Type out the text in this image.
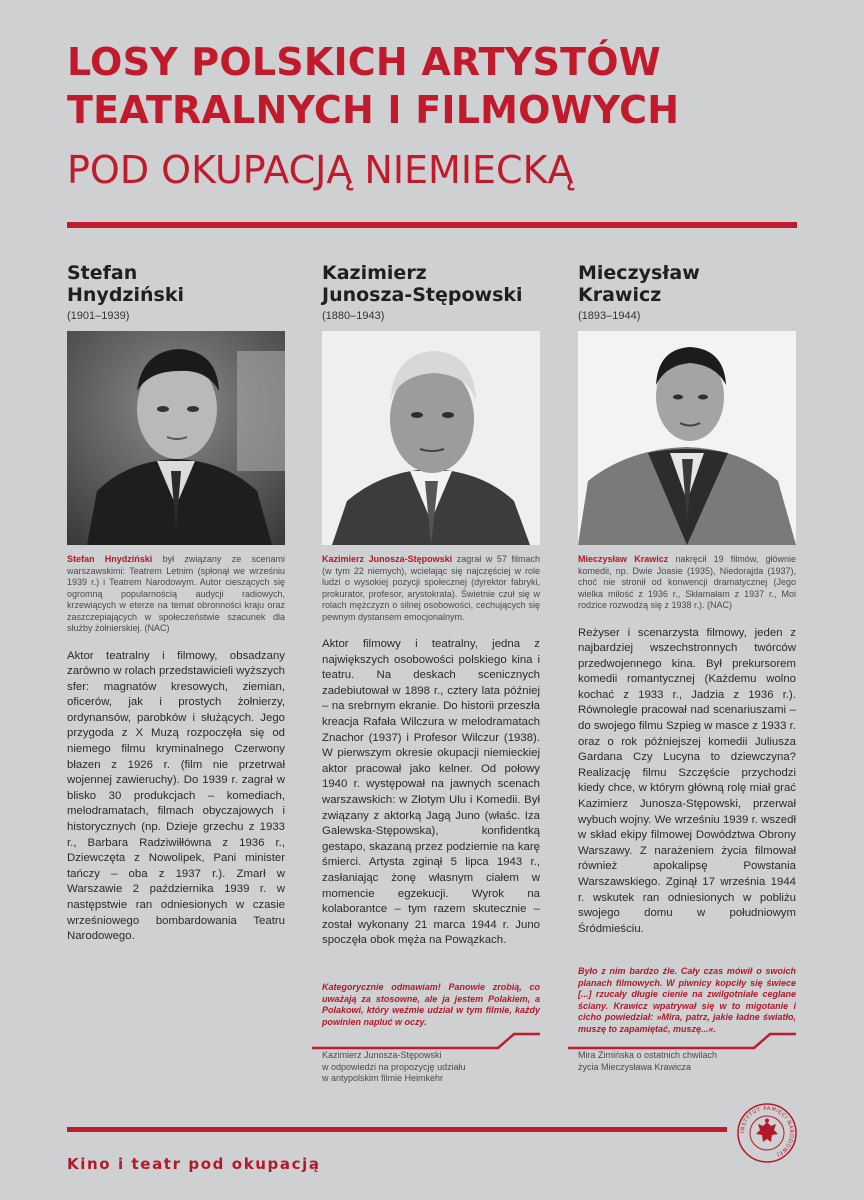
LOSY POLSKICH ARTYSTÓW
TEATRALNYCH I FILMOWYCH
POD OKUPACJĄ NIEMIECKĄ
Stefan
Hnydziński
(1901–1939)
Stefan Hnydziński był związany ze scenami warszawskimi: Teatrem Letnim (spłonął we wrześniu 1939 r.) i Teatrem Narodowym. Autor cieszących się ogromną popularnością audycji radiowych, krzewiących w eterze na temat obronności kraju oraz zaszczepiających w społeczeństwie szacunek dla służby żołnierskiej. (NAC)
Aktor teatralny i filmowy, obsadzany zarówno w rolach przedstawicieli wyższych sfer: magnatów kresowych, ziemian, oficerów, jak i prostych żołnierzy, ordynansów, parobków i służących. Jego przygoda z X Muzą rozpoczęła się od niemego filmu kryminalnego Czerwony błazen z 1926 r. (film nie przetrwał wojennej zawieruchy). Do 1939 r. zagrał w blisko 30 produkcjach – komediach, melodramatach, filmach obyczajowych i historycznych (np. Dzieje grzechu z 1933 r., Barbara Radziwiłłówna z 1936 r., Dziewczęta z Nowolipek, Pani minister tańczy – oba z 1937 r.). Zmarł w Warszawie 2 października 1939 r. w następstwie ran odniesionych w czasie wrześniowego bombardowania Teatru Narodowego.
Kazimierz
Junosza-Stępowski
(1880–1943)
Kazimierz Junosza-Stępowski zagrał w 57 filmach (w tym 22 niemych), wcielając się najczęściej w role ludzi o wysokiej pozycji społecznej (dyrektor fabryki, prokurator, profesor, arystokrata). Świetnie czuł się w rolach mężczyzn o silnej osobowości, cechujących się pewnym dystansem emocjonalnym.
Aktor filmowy i teatralny, jedna z największych osobowości polskiego kina i teatru. Na deskach scenicznych zadebiutował w 1898 r., cztery lata później – na srebrnym ekranie. Do historii przeszła kreacja Rafała Wilczura w melodramatach Znachor (1937) i Profesor Wilczur (1938). W pierwszym okresie okupacji niemieckiej aktor pracował jako kelner. Od połowy 1940 r. występował na jawnych scenach warszawskich: w Złotym Ulu i Komedii. Był związany z aktorką Jagą Juno (właśc. Iza Galewska-Stępowska), konfidentką gestapo, skazaną przez podziemie na karę śmierci. Artysta zginął 5 lipca 1943 r., zasłaniając żonę własnym ciałem w momencie egzekucji. Wyrok na kolaborantce – tym razem skutecznie – został wykonany 21 marca 1944 r. Juno spoczęła obok męża na Powązkach.
Mieczysław
Krawicz
(1893–1944)
Mieczysław Krawicz nakręcił 19 filmów, głównie komedii, np. Dwie Joasie (1935), Niedorajda (1937), choć nie stronił od konwencji dramatycznej (Jego wielka miłość z 1936 r., Skłamałam z 1937 r., Moi rodzice rozwodzą się z 1938 r.). (NAC)
Reżyser i scenarzysta filmowy, jeden z najbardziej wszechstronnych twórców przedwojennego kina. Był prekursorem komedii romantycznej (Każdemu wolno kochać z 1933 r., Jadzia z 1936 r.). Równolegle pracował nad scenariuszami – do swojego filmu Szpieg w masce z 1933 r. oraz o rok późniejszej komedii Juliusza Gardana Czy Lucyna to dziewczyna? Realizację filmu Szczęście przychodzi kiedy chce, w którym główną rolę miał grać Kazimierz Junosza-Stępowski, przerwał wybuch wojny. We wrześniu 1939 r. wszedł w skład ekipy filmowej Dowództwa Obrony Warszawy. Z narażeniem życia filmował również apokalipsę Powstania Warszawskiego. Zginął 17 września 1944 r. wskutek ran odniesionych w pobliżu swojego domu w południowym Śródmieściu.
Kategorycznie odmawiam! Panowie zrobią, co uważają za stosowne, ale ja jestem Polakiem, a Polakowi, który weźmie udział w tym filmie, każdy powinien napluć w oczy.
Kazimierz Junosza-Stępowski
w odpowiedzi na propozycję udziału
w antypolskim filmie Heimkehr
Było z nim bardzo źle. Cały czas mówił o swoich planach filmowych. W piwnicy kopciły się świece [...] rzucały długie cienie na zwilgotniałe ceglane ściany. Krawicz wpatrywał się w to migotanie i cicho powiedział: »Mira, patrz, jakie ładne światło, muszę to zapamiętać, muszę...«.
Mira Zimińska o ostatnich chwilach
życia Mieczysława Krawicza
Kino i teatr pod okupacją
INSTYTUT PAMIĘCI NARODOWEJ
